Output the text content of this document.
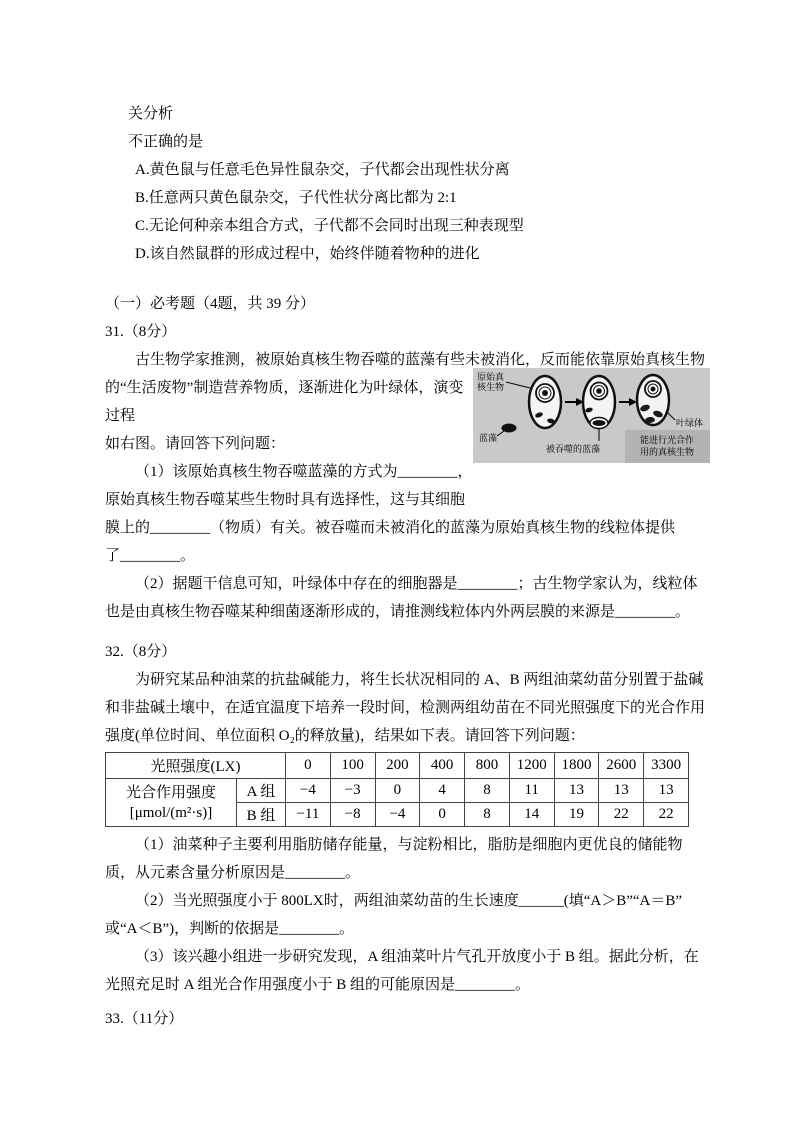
关分析
不正确的是
A.黄色鼠与任意毛色异性鼠杂交，子代都会出现性状分离
B.任意两只黄色鼠杂交，子代性状分离比都为 2:1
C.无论何种亲本组合方式，子代都不会同时出现三种表现型
D.该自然鼠群的形成过程中，始终伴随着物种的进化
（一）必考题（4题，共 39 分）
31.（8分）
古生物学家推测，被原始真核生物吞噬的蓝藻有些未被消化，反而能依靠原始真核生物
的“生活废物”制造营养物质，逐渐进化为叶绿体，演变
过程
如右图。请回答下列问题：
（1）该原始真核生物吞噬蓝藻的方式为________，
原始真核生物吞噬某些生物时具有选择性，这与其细胞
膜上的________（物质）有关。被吞噬而未被消化的蓝藻为原始真核生物的线粒体提供
了________。
（2）据题干信息可知，叶绿体中存在的细胞器是________；古生物学家认为，线粒体
也是由真核生物吞噬某种细菌逐渐形成的，请推测线粒体内外两层膜的来源是________。
32.（8分）
为研究某品种油菜的抗盐碱能力，将生长状况相同的 A、B 两组油菜幼苗分别置于盐碱
和非盐碱土壤中，在适宜温度下培养一段时间，检测两组幼苗在不同光照强度下的光合作用
强度(单位时间、单位面积 O₂的释放量)，结果如下表。请回答下列问题：
光照强度(LX)		0	100	200	400	800	1200	1800	2600	3300

光合作用强度
[μmol/(m²·s)]	A 组	−4	−3	0	4	8	11	13	13	13
	B 组	−11	−8	−4	0	8	14	19	22	22
（1）油菜种子主要利用脂肪储存能量，与淀粉相比，脂肪是细胞内更优良的储能物
质，从元素含量分析原因是________。
（2）当光照强度小于 800LX时，两组油菜幼苗的生长速度______(填“A＞B”“A＝B”
或“A＜B”)，判断的依据是________。
（3）该兴趣小组进一步研究发现，A 组油菜叶片气孔开放度小于 B 组。据此分析，在
光照充足时 A 组光合作用强度小于 B 组的可能原因是________。
33.（11分）
原始真
核生物
蓝藻
被吞噬的蓝藻
叶绿体
能进行光合作
用的真核生物
